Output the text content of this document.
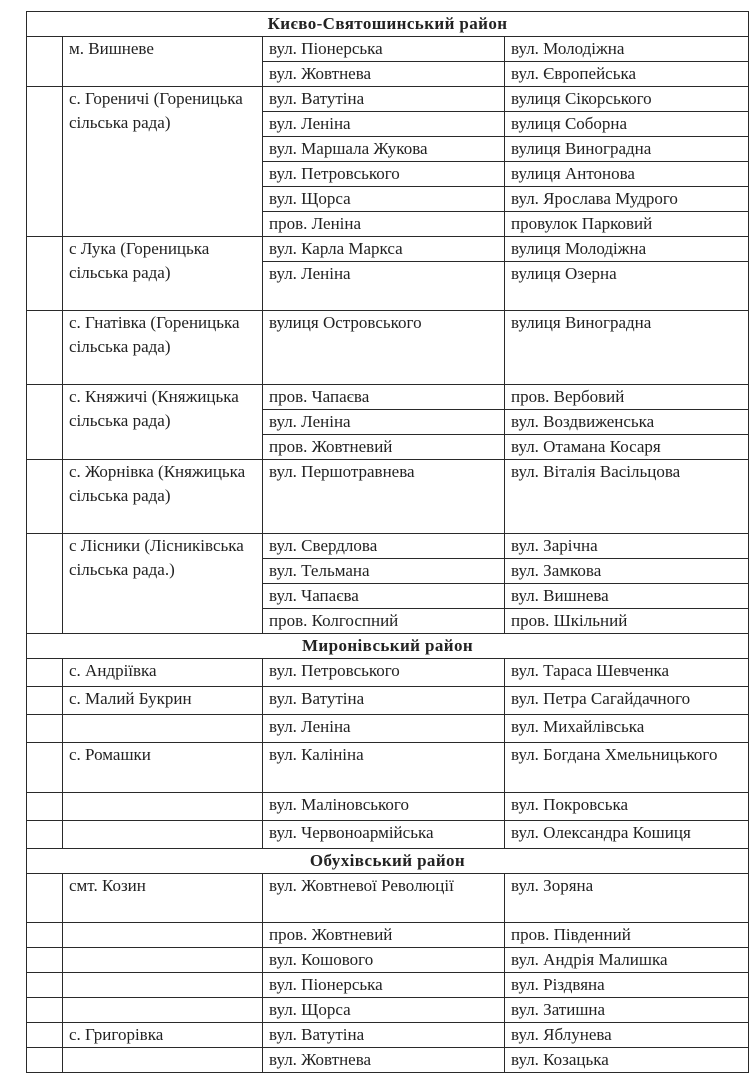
Києво-Святошинський район			
	м. Вишневе	вул. Піонерська	вул. Молодіжна
		вул. Жовтнева	вул. Європейська
	с. Гореничі (Гореницька сільська рада)	вул. Ватутіна	вулиця Сікорського
		вул. Леніна	вулиця Соборна
		вул. Маршала Жукова	вулиця Виноградна
		вул. Петровського	вулиця Антонова
		вул. Щорса	вул. Ярослава Мудрого
		пров. Леніна	провулок Парковий
	с Лука (Гореницька сільська рада)	вул. Карла Маркса	вулиця Молодіжна
		вул. Леніна	вулиця Озерна
	с. Гнатівка (Гореницька сільська рада)	вулиця Островського	вулиця Виноградна
	с. Княжичі (Княжицька сільська рада)	пров. Чапаєва	пров. Вербовий
		вул. Леніна	вул. Воздвиженська
		пров. Жовтневий	вул. Отамана Косаря
	с. Жорнівка (Княжицька сільська рада)	вул. Першотравнева	вул. Віталія Васільцова
	с Лісники (Лісниківська сільська рада.)	вул. Свердлова	вул. Зарічна
		вул. Тельмана	вул. Замкова
		вул. Чапаєва	вул. Вишнева
		пров. Колгоспний	пров. Шкільний
Миронівський район			
	с. Андріївка	вул. Петровського	вул. Тараса Шевченка
	с. Малий Букрин	вул. Ватутіна	вул. Петра Сагайдачного
		вул. Леніна	вул. Михайлівська
	с. Ромашки	вул. Калініна	вул. Богдана Хмельницького
		вул. Маліновського	вул. Покровська
		вул. Червоноармійська	вул. Олександра Кошиця
Обухівський район			
	смт. Козин	вул. Жовтневої Революції	вул. Зоряна
		пров. Жовтневий	пров. Південний
		вул. Кошового	вул. Андрія Малишка
		вул. Піонерська	вул. Різдвяна
		вул. Щорса	вул. Затишна
	с. Григорівка	вул. Ватутіна	вул. Яблунева
		вул. Жовтнева	вул. Козацька
